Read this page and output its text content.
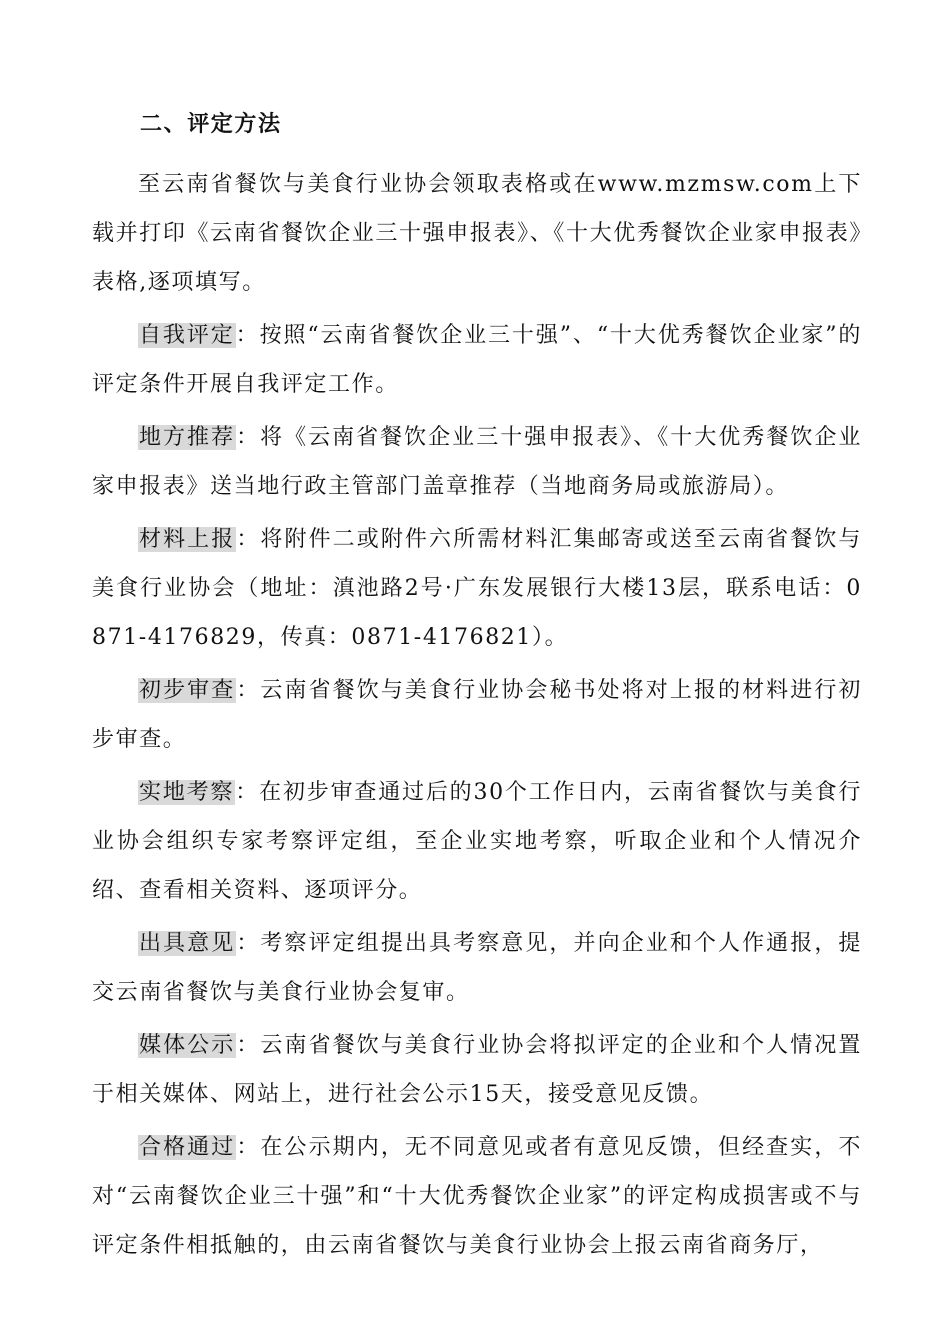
二、评定方法

至云南省餐饮与美食行业协会领取表格或在www.mzmsw.com上下载并打印《云南省餐饮企业三十强申报表》、《十大优秀餐饮企业家申报表》表格,逐项填写。

自我评定：按照“云南省餐饮企业三十强”、“十大优秀餐饮企业家”的评定条件开展自我评定工作。

地方推荐：将《云南省餐饮企业三十强申报表》、《十大优秀餐饮企业家申报表》送当地行政主管部门盖章推荐（当地商务局或旅游局）。

材料上报：将附件二或附件六所需材料汇集邮寄或送至云南省餐饮与美食行业协会（地址：滇池路2号·广东发展银行大楼13层，联系电话：0871-4176829，传真：0871-4176821）。

初步审查：云南省餐饮与美食行业协会秘书处将对上报的材料进行初步审查。

实地考察：在初步审查通过后的30个工作日内，云南省餐饮与美食行业协会组织专家考察评定组，至企业实地考察，听取企业和个人情况介绍、查看相关资料、逐项评分。

出具意见：考察评定组提出具考察意见，并向企业和个人作通报，提交云南省餐饮与美食行业协会复审。

媒体公示：云南省餐饮与美食行业协会将拟评定的企业和个人情况置于相关媒体、网站上，进行社会公示15天，接受意见反馈。

合格通过：在公示期内，无不同意见或者有意见反馈，但经查实，不对“云南餐饮企业三十强”和“十大优秀餐饮企业家”的评定构成损害或不与评定条件相抵触的，由云南省餐饮与美食行业协会上报云南省商务厅，
